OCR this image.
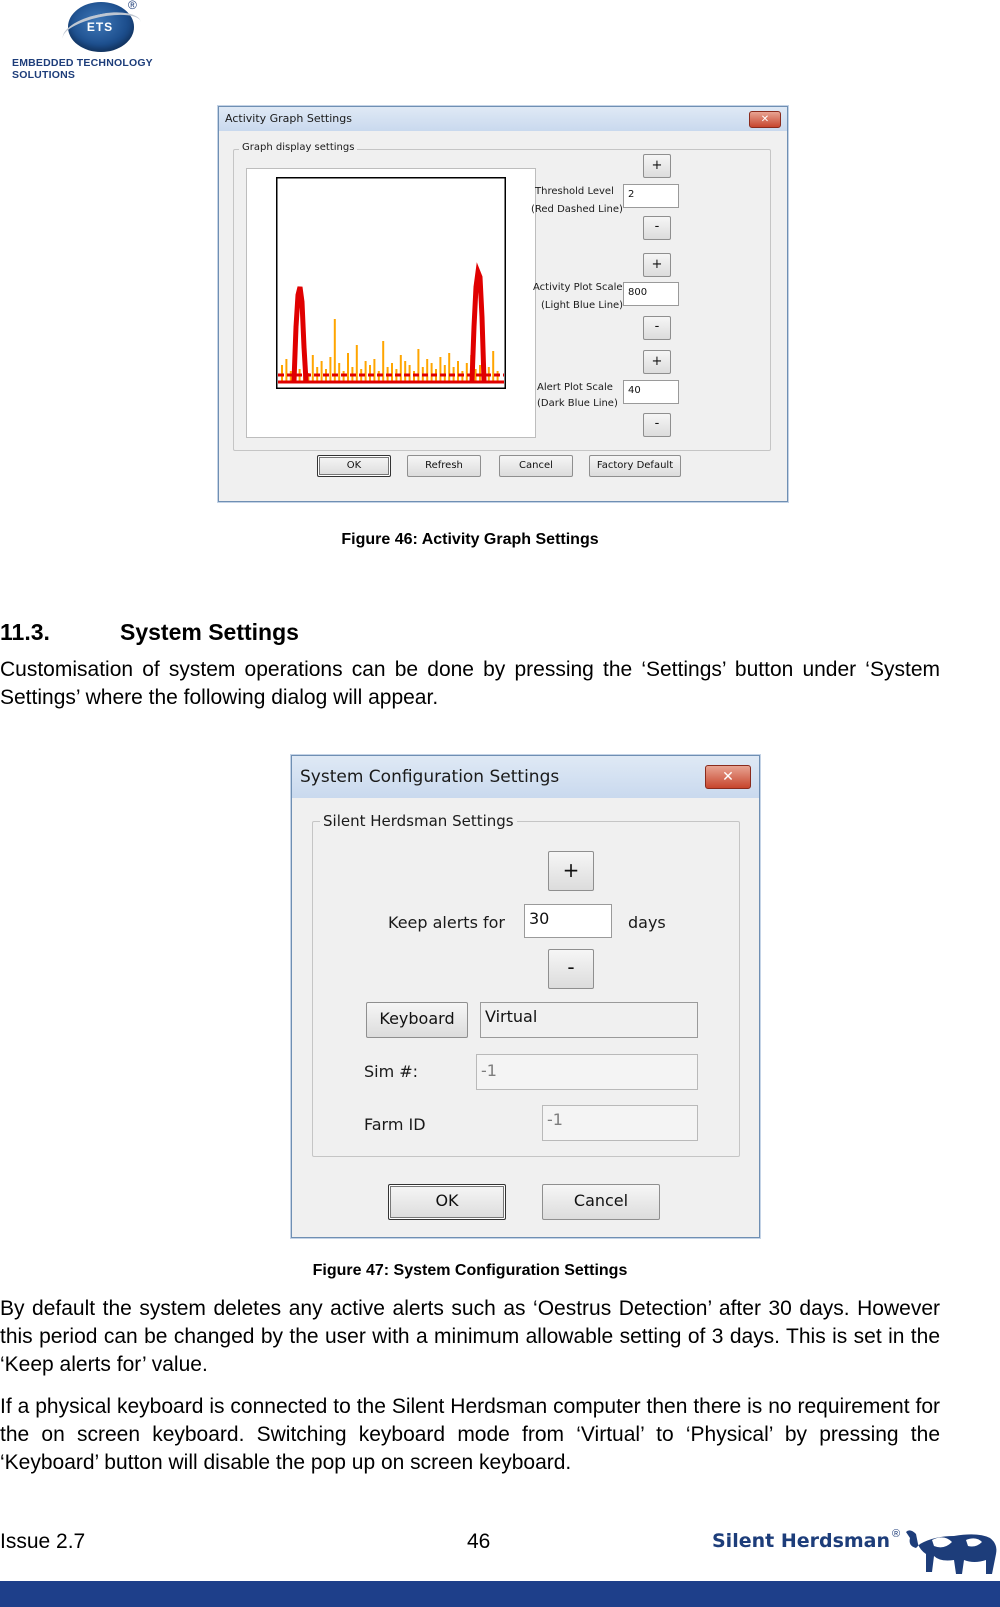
ETS
®
EMBEDDED TECHNOLOGY SOLUTIONS
Activity Graph Settings	✕
Graph display settings
+
Threshold Level
(Red Dashed Line)
2
-
+
Activity Plot Scale
(Light Blue Line)
800
-
+
Alert Plot Scale
(Dark Blue Line)
40
-
OK	Refresh	Cancel	Factory Default
Figure 46: Activity Graph Settings
11.3.	System Settings
Customisation of system operations can be done by pressing the ‘Settings’ button under ‘System Settings’ where the following dialog will appear.
System Configuration Settings	✕
Silent Herdsman Settings
+
Keep alerts for	30	days
-
Keyboard	Virtual
Sim #:	-1
Farm ID	-1
OK	Cancel
Figure 47: System Configuration Settings
By default the system deletes any active alerts such as ‘Oestrus Detection’ after 30 days. However this period can be changed by the user with a minimum allowable setting of 3 days. This is set in the ‘Keep alerts for’ value.
If a physical keyboard is connected to the Silent Herdsman computer then there is no requirement for the on screen keyboard. Switching keyboard mode from ‘Virtual’ to ‘Physical’ by pressing the ‘Keyboard’ button will disable the pop up on screen keyboard.
Issue 2.7	46	Silent Herdsman ®
